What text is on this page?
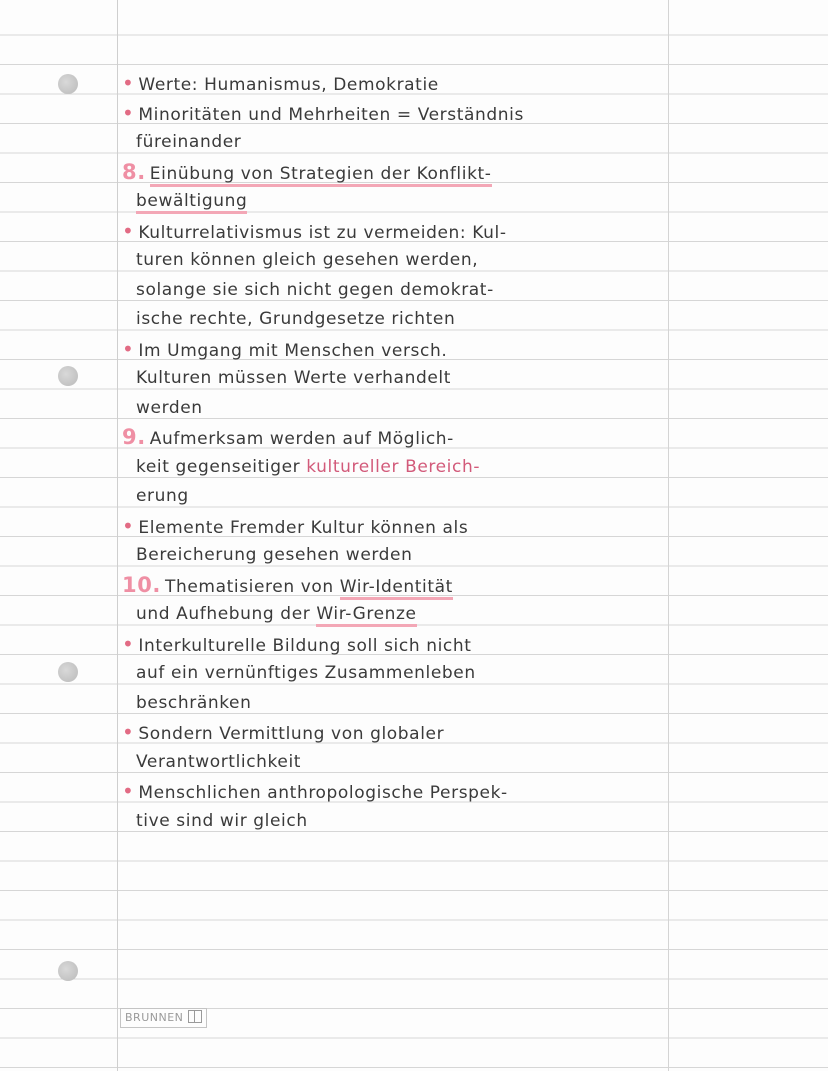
• Werte: Humanismus, Demokratie
• Minoritäten und Mehrheiten = Verständnis
füreinander
8. Einübung von Strategien der Konflikt-
bewältigung
• Kulturrelativismus ist zu vermeiden: Kul-
turen können gleich gesehen werden,
solange sie sich nicht gegen demokrat-
ische rechte, Grundgesetze richten
• Im Umgang mit Menschen versch.
Kulturen müssen Werte verhandelt
werden
9. Aufmerksam werden auf Möglich-
keit gegenseitiger kultureller Bereich-
erung
• Elemente Fremder Kultur können als
Bereicherung gesehen werden
10. Thematisieren von Wir-Identität
und Aufhebung der Wir-Grenze
• Interkulturelle Bildung soll sich nicht
auf ein vernünftiges Zusammenleben
beschränken
• Sondern Vermittlung von globaler
Verantwortlichkeit
• Menschlichen anthropologische Perspek-
tive sind wir gleich
BRUNNEN
